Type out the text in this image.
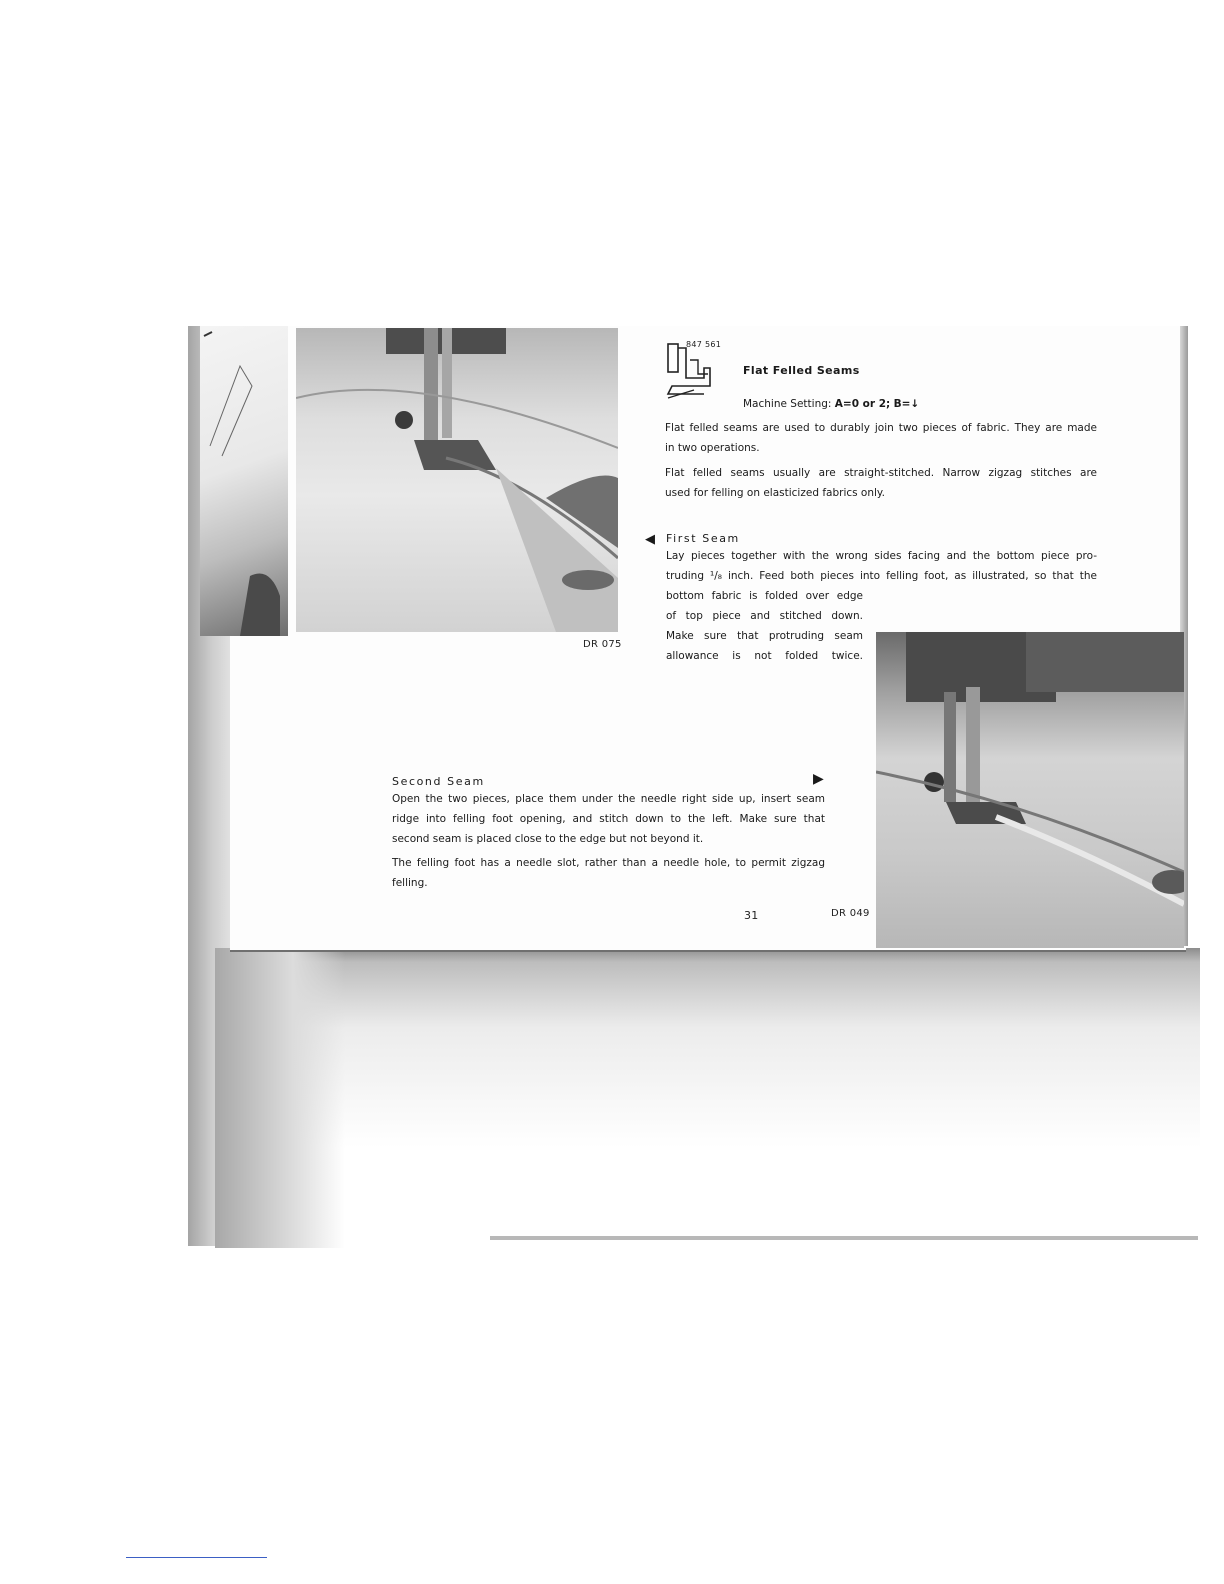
DR 075
847 561
Flat Felled Seams
Machine Setting: A=0 or 2; B=↓
Flat felled seams are used to durably join two pieces of fabric. They are made
in two operations.
Flat felled seams usually are straight-stitched. Narrow zigzag stitches are
used for felling on elasticized fabrics only.
◀ First Seam
Lay pieces together with the wrong sides facing and the bottom piece pro-
truding ¹/₈ inch. Feed both pieces into felling foot, as illustrated, so that the
bottom fabric is folded over edge
of top piece and stitched down.
Make sure that protruding seam
allowance is not folded twice.
DR 049
Second Seam	▶
Open the two pieces, place them under the needle right side up, insert seam
ridge into felling foot opening, and stitch down to the left. Make sure that
second seam is placed close to the edge but not beyond it.
The felling foot has a needle slot, rather than a needle hole, to permit zigzag
felling.
31
